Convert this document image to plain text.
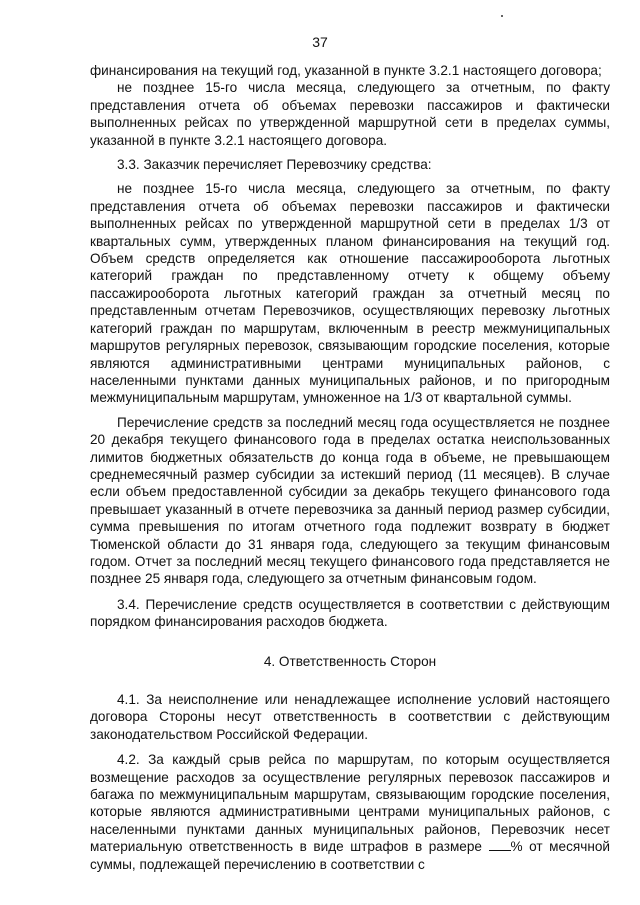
37

финансирования на текущий год, указанной в пункте 3.2.1 настоящего договора;

не позднее 15-го числа месяца, следующего за отчетным, по факту представления отчета об объемах перевозки пассажиров и фактически выполненных рейсах по утвержденной маршрутной сети в пределах суммы, указанной в пункте 3.2.1 настоящего договора.

3.3. Заказчик перечисляет Перевозчику средства:

не позднее 15-го числа месяца, следующего за отчетным, по факту представления отчета об объемах перевозки пассажиров и фактически выполненных рейсах по утвержденной маршрутной сети в пределах 1/3 от квартальных сумм, утвержденных планом финансирования на текущий год. Объем средств определяется как отношение пассажирооборота льготных категорий граждан по представленному отчету к общему объему пассажирооборота льготных категорий граждан за отчетный месяц по представленным отчетам Перевозчиков, осуществляющих перевозку льготных категорий граждан по маршрутам, включенным в реестр межмуниципальных маршрутов регулярных перевозок, связывающим городские поселения, которые являются административными центрами муниципальных районов, с населенными пунктами данных муниципальных районов, и по пригородным межмуниципальным маршрутам, умноженное на 1/3 от квартальной суммы.

Перечисление средств за последний месяц года осуществляется не позднее 20 декабря текущего финансового года в пределах остатка неиспользованных лимитов бюджетных обязательств до конца года в объеме, не превышающем среднемесячный размер субсидии за истекший период (11 месяцев). В случае если объем предоставленной субсидии за декабрь текущего финансового года превышает указанный в отчете перевозчика за данный период размер субсидии, сумма превышения по итогам отчетного года подлежит возврату в бюджет Тюменской области до 31 января года, следующего за текущим финансовым годом. Отчет за последний месяц текущего финансового года представляется не позднее 25 января года, следующего за отчетным финансовым годом.

3.4. Перечисление средств осуществляется в соответствии с действующим порядком финансирования расходов бюджета.

4. Ответственность Сторон

4.1. За неисполнение или ненадлежащее исполнение условий настоящего договора Стороны несут ответственность в соответствии с действующим законодательством Российской Федерации.

4.2. За каждый срыв рейса по маршрутам, по которым осуществляется возмещение расходов за осуществление регулярных перевозок пассажиров и багажа по межмуниципальным маршрутам, связывающим городские поселения, которые являются административными центрами муниципальных районов, с населенными пунктами данных муниципальных районов, Перевозчик несет материальную ответственность в виде штрафов в размере % от месячной суммы, подлежащей перечислению в соответствии с
